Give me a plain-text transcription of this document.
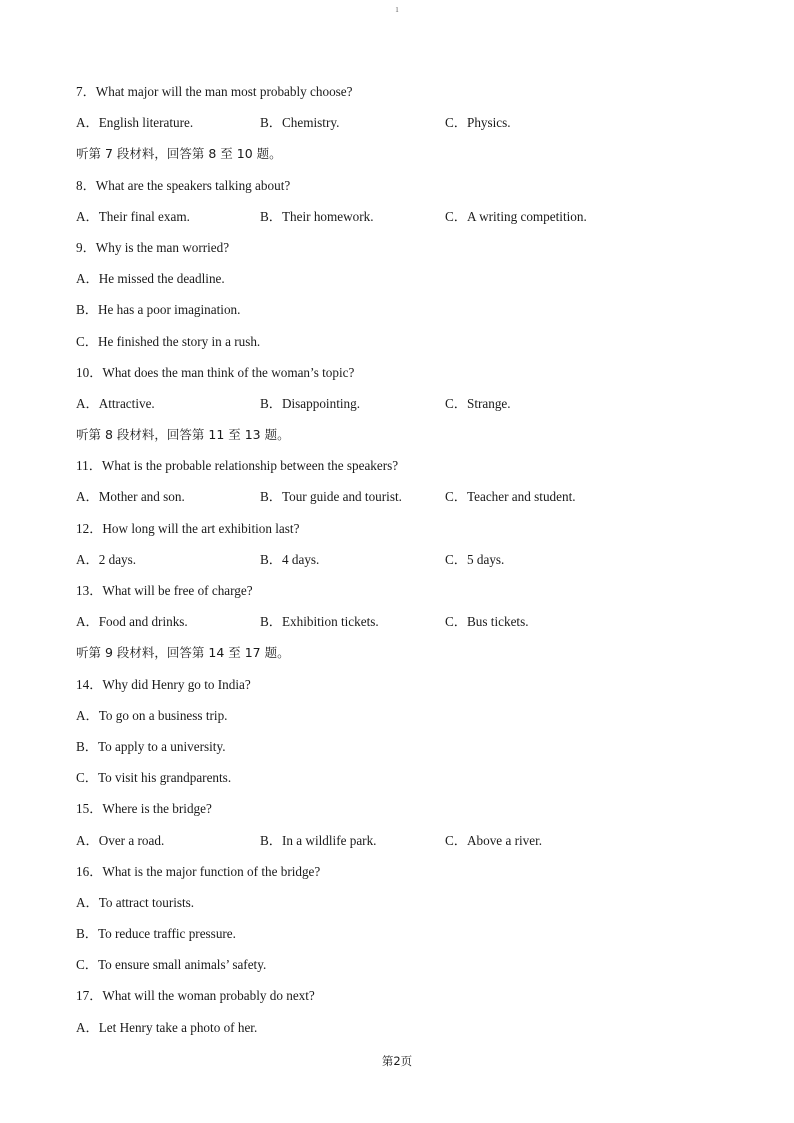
1
7．What major will the man most probably choose?
A．English literature.	B．Chemistry.	C．Physics.
听第 7 段材料，回答第 8 至 10 题。
8．What are the speakers talking about?
A．Their final exam.	B．Their homework.	C．A writing competition.
9．Why is the man worried?
A．He missed the deadline.
B．He has a poor imagination.
C．He finished the story in a rush.
10．What does the man think of the woman’s topic?
A．Attractive.	B．Disappointing.	C．Strange.
听第 8 段材料，回答第 11 至 13 题。
11．What is the probable relationship between the speakers?
A．Mother and son.	B．Tour guide and tourist.	C．Teacher and student.
12．How long will the art exhibition last?
A．2 days.	B．4 days.	C．5 days.
13．What will be free of charge?
A．Food and drinks.	B．Exhibition tickets.	C．Bus tickets.
听第 9 段材料，回答第 14 至 17 题。
14．Why did Henry go to India?
A．To go on a business trip.
B．To apply to a university.
C．To visit his grandparents.
15．Where is the bridge?
A．Over a road.	B．In a wildlife park.	C．Above a river.
16．What is the major function of the bridge?
A．To attract tourists.
B．To reduce traffic pressure.
C．To ensure small animals’ safety.
17．What will the woman probably do next?
A．Let Henry take a photo of her.
第2页
